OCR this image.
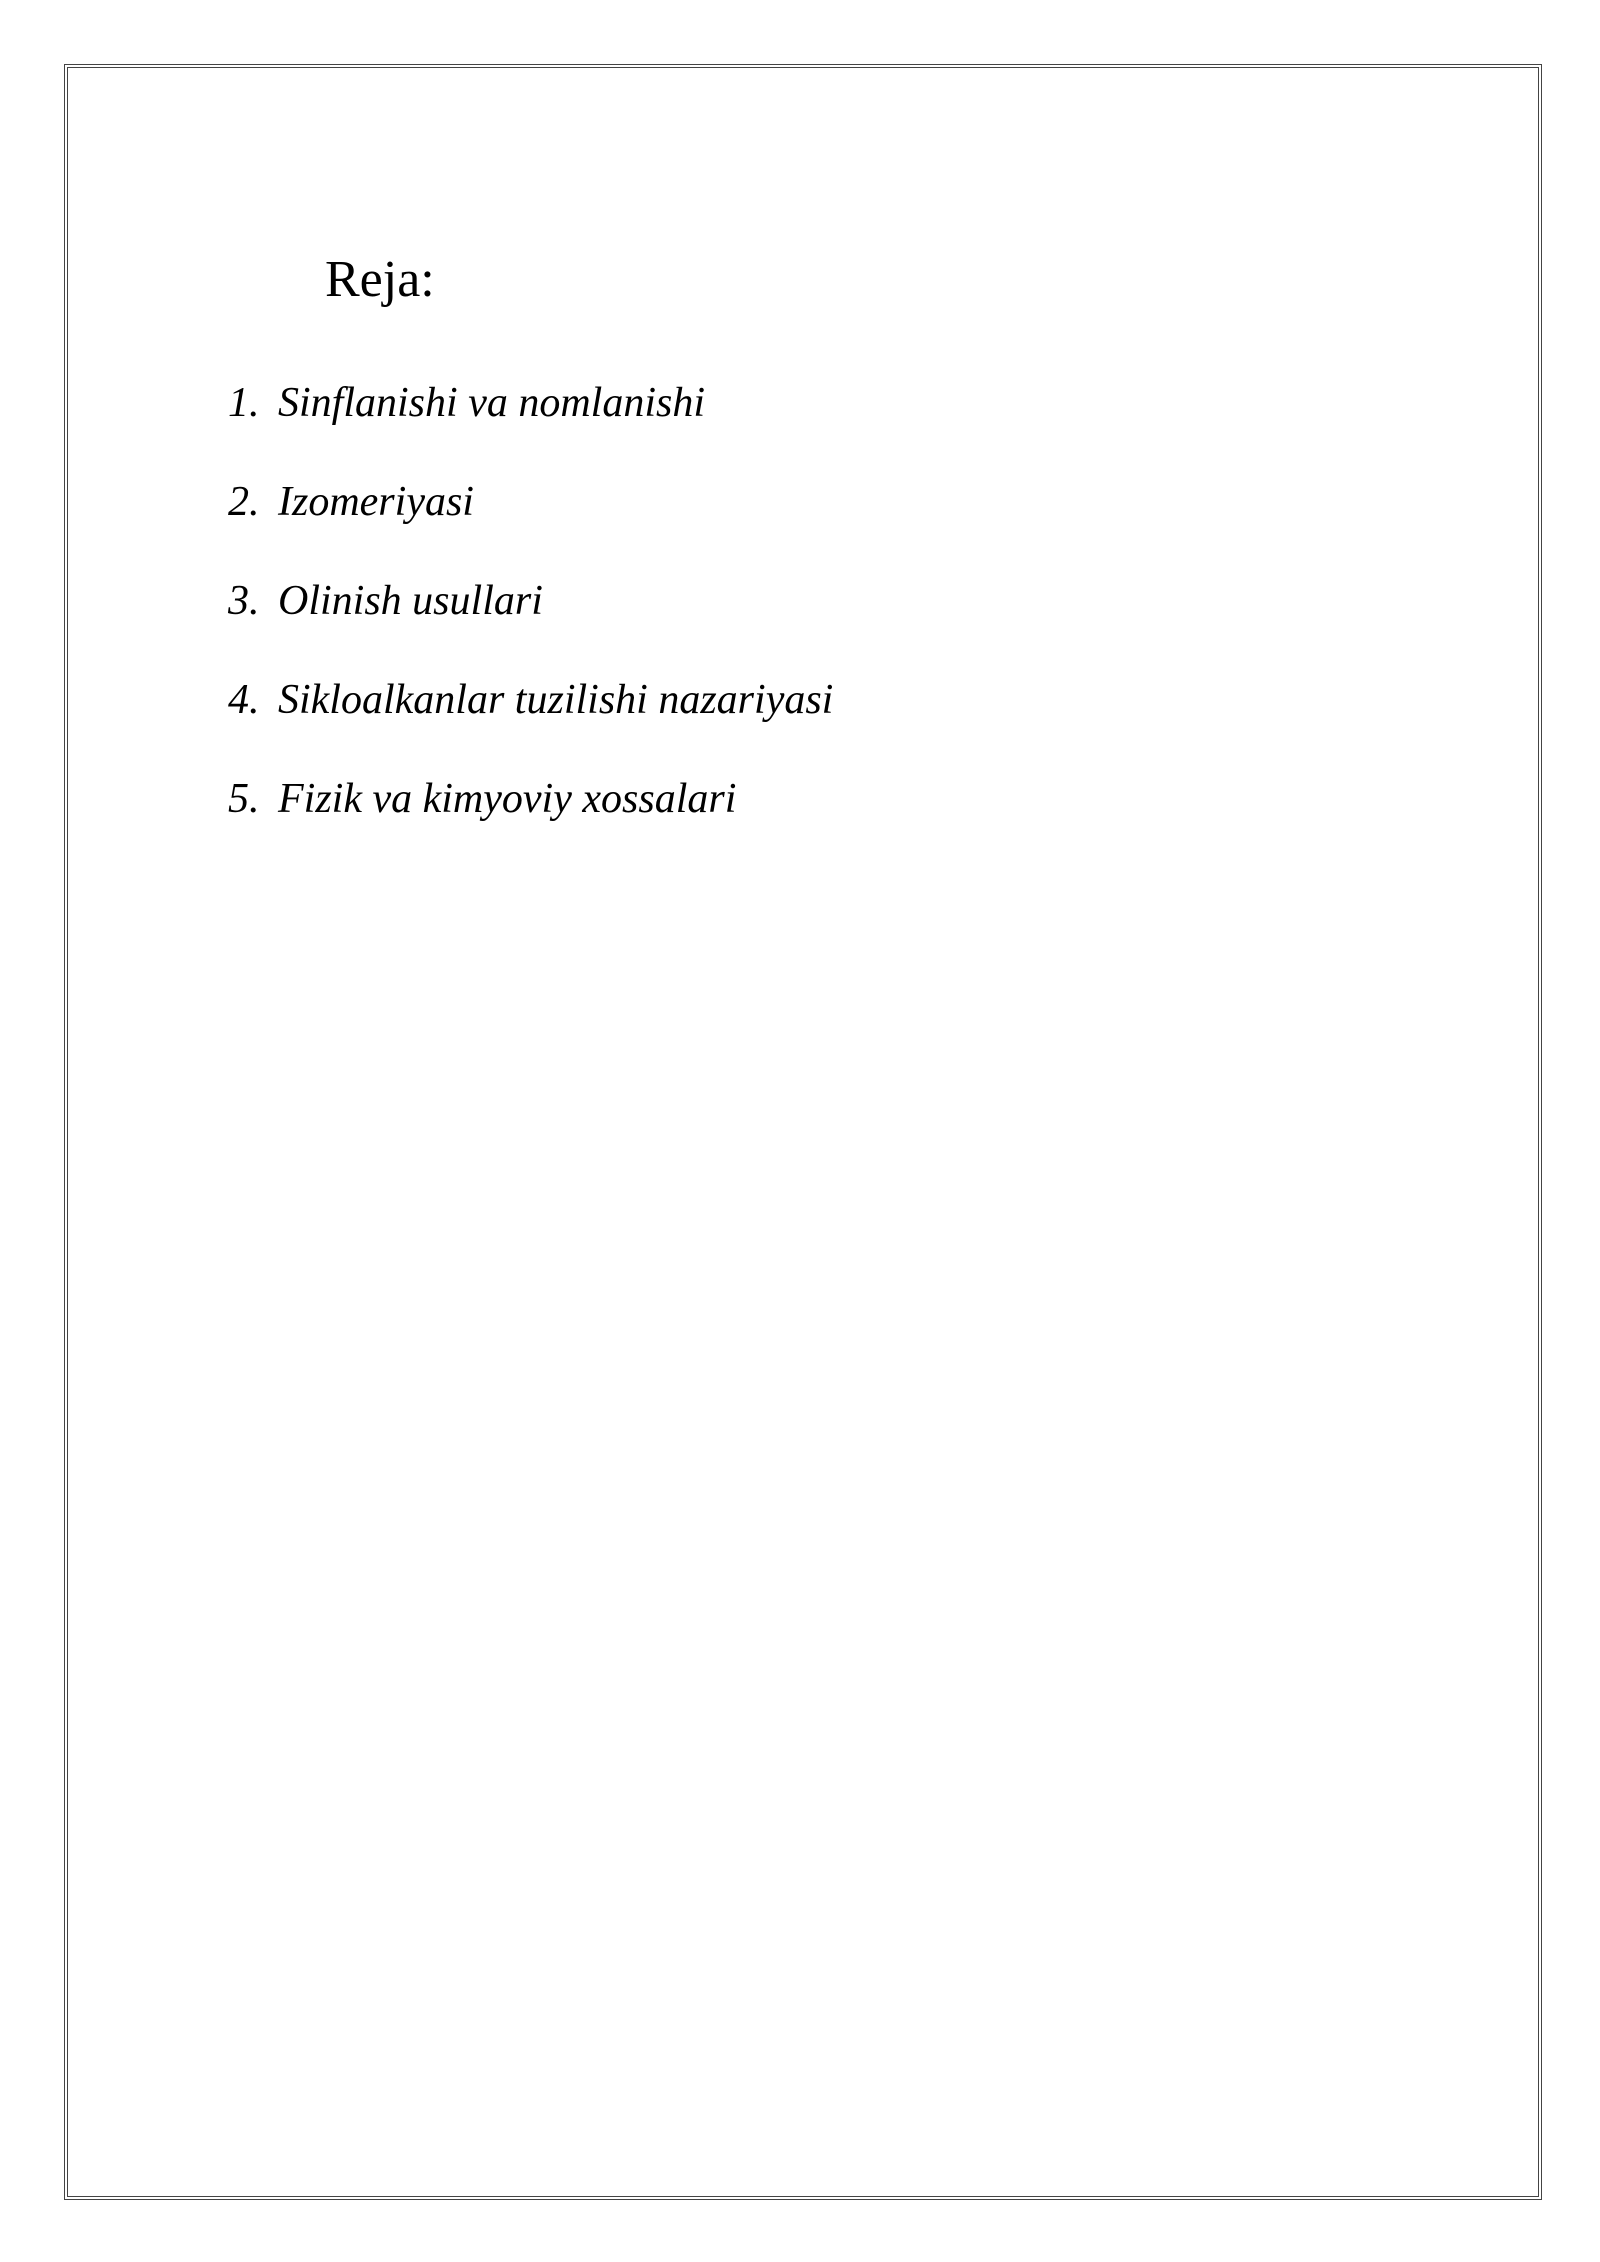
Reja:
1. Sinflanishi va nomlanishi
2. Izomeriyasi
3. Olinish usullari
4. Sikloalkanlar tuzilishi nazariyasi
5. Fizik va kimyoviy xossalari
